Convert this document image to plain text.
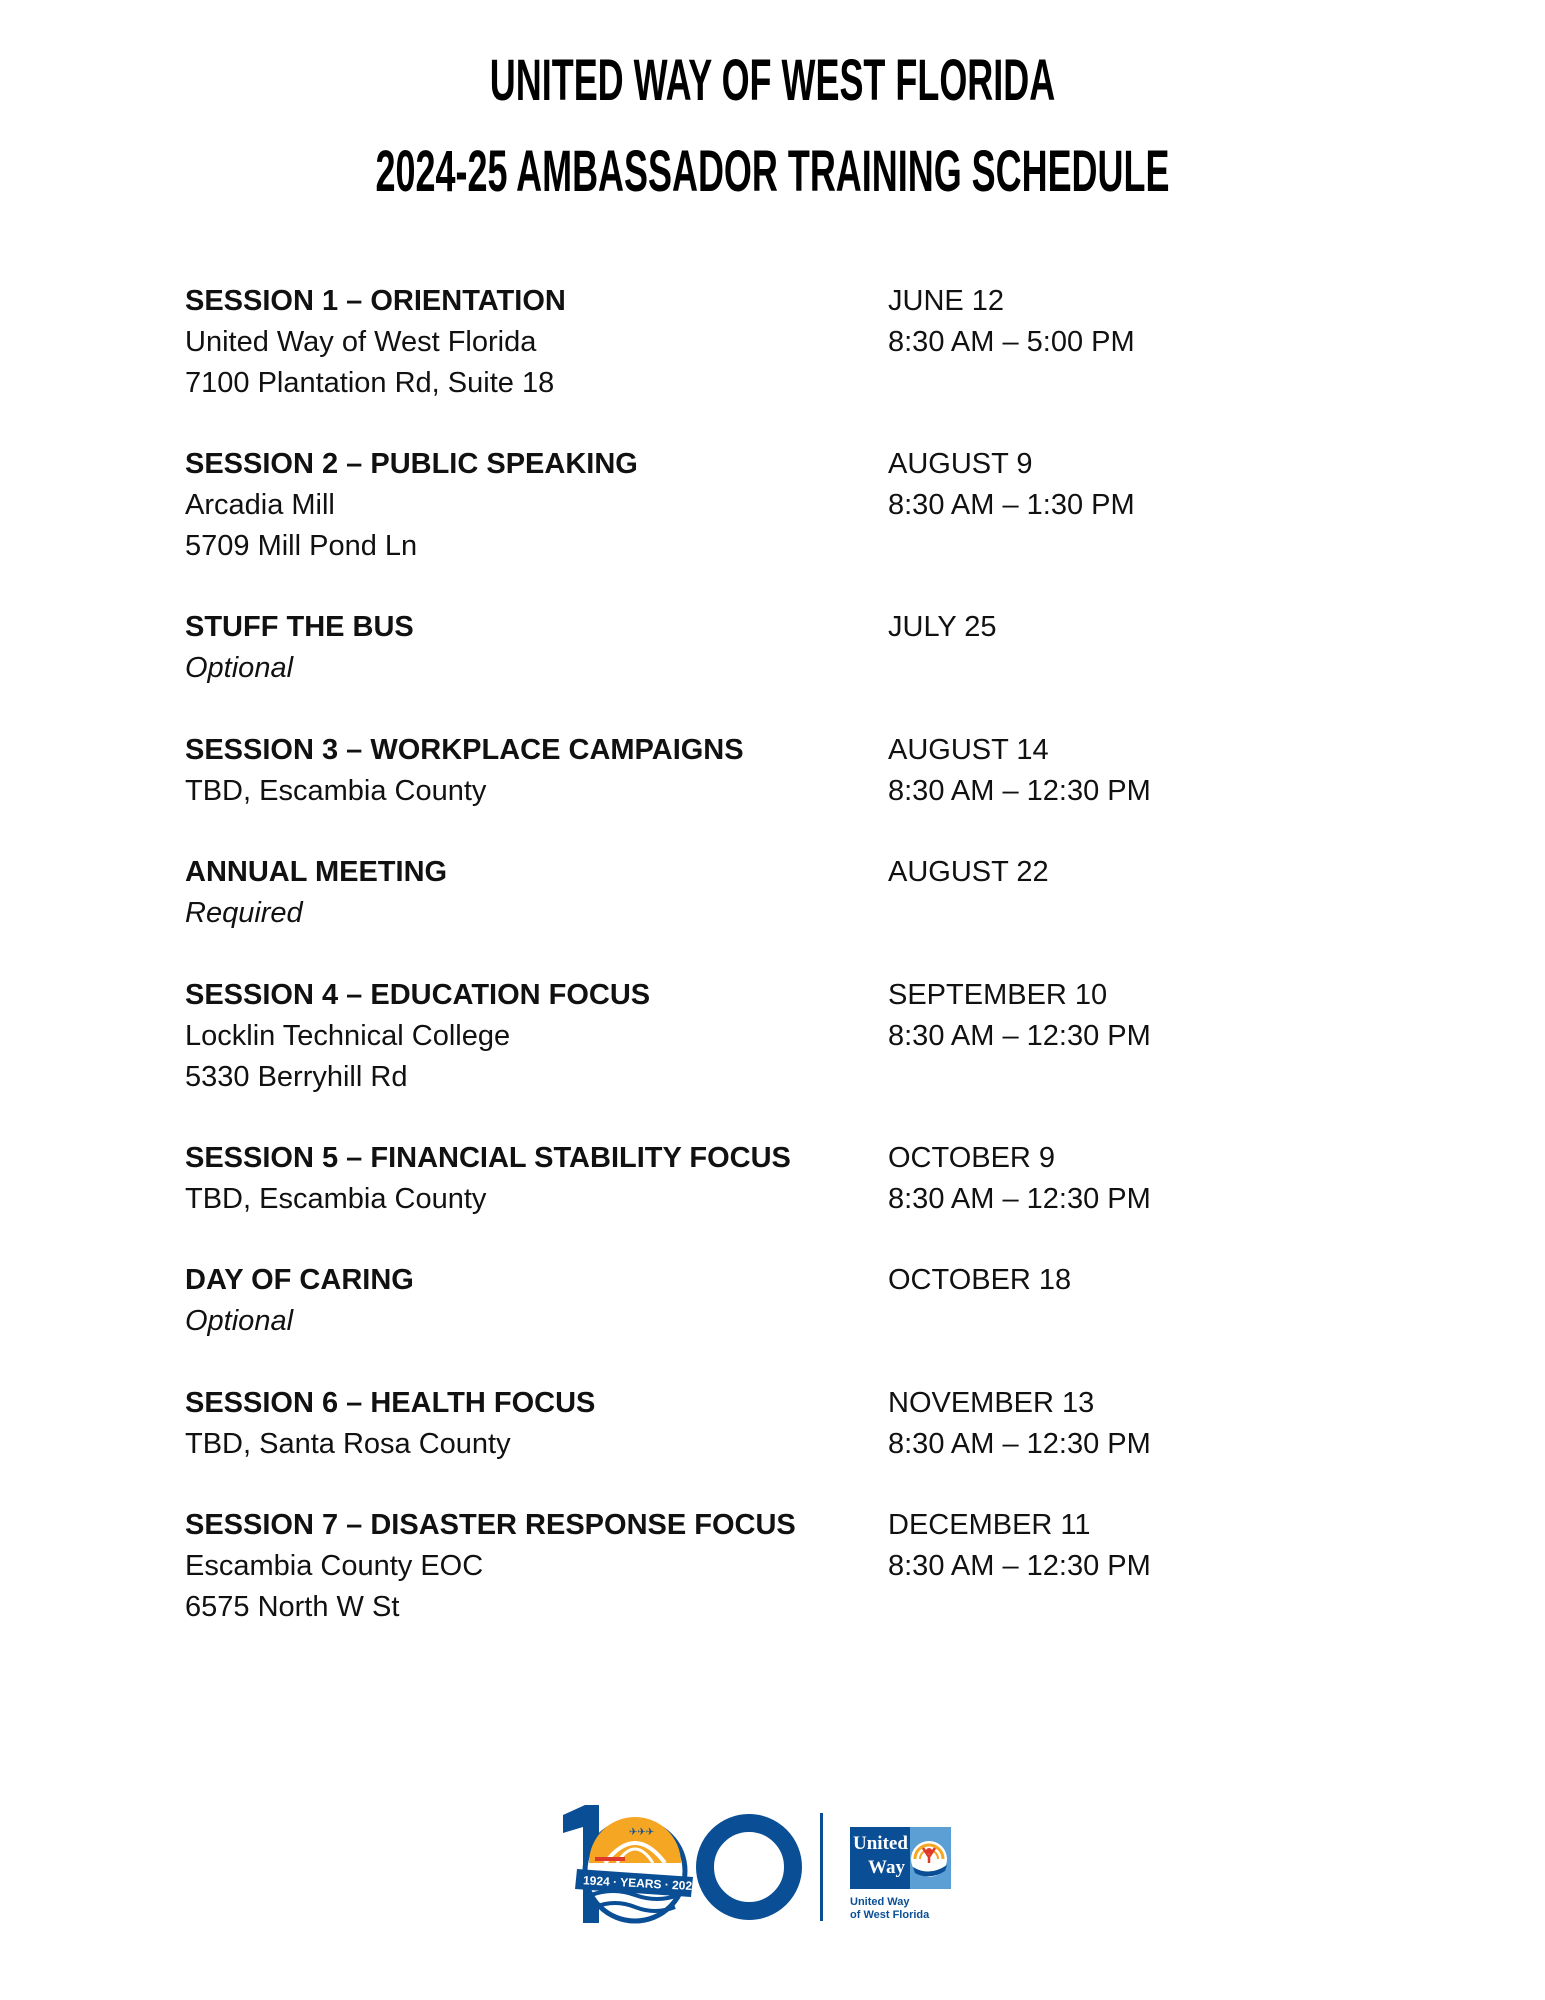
UNITED WAY OF WEST FLORIDA
2024-25 AMBASSADOR TRAINING SCHEDULE
SESSION 1 – ORIENTATION
United Way of West Florida
7100 Plantation Rd, Suite 18
JUNE 12
8:30 AM – 5:00 PM
SESSION 2 – PUBLIC SPEAKING
Arcadia Mill
5709 Mill Pond Ln
AUGUST 9
8:30 AM – 1:30 PM
STUFF THE BUS
Optional
JULY 25
SESSION 3 – WORKPLACE CAMPAIGNS
TBD, Escambia County
AUGUST 14
8:30 AM – 12:30 PM
ANNUAL MEETING
Required
AUGUST 22
SESSION 4 – EDUCATION FOCUS
Locklin Technical College
5330 Berryhill Rd
SEPTEMBER 10
8:30 AM – 12:30 PM
SESSION 5 – FINANCIAL STABILITY FOCUS
TBD, Escambia County
OCTOBER 9
8:30 AM – 12:30 PM
DAY OF CARING
Optional
OCTOBER 18
SESSION 6 – HEALTH FOCUS
TBD, Santa Rosa County
NOVEMBER 13
8:30 AM – 12:30 PM
SESSION 7 – DISASTER RESPONSE FOCUS
Escambia County EOC
6575 North W St
DECEMBER 11
8:30 AM – 12:30 PM
✈✈✈
1924 · YEARS · 2024
United
Way
United Way
of West Florida
